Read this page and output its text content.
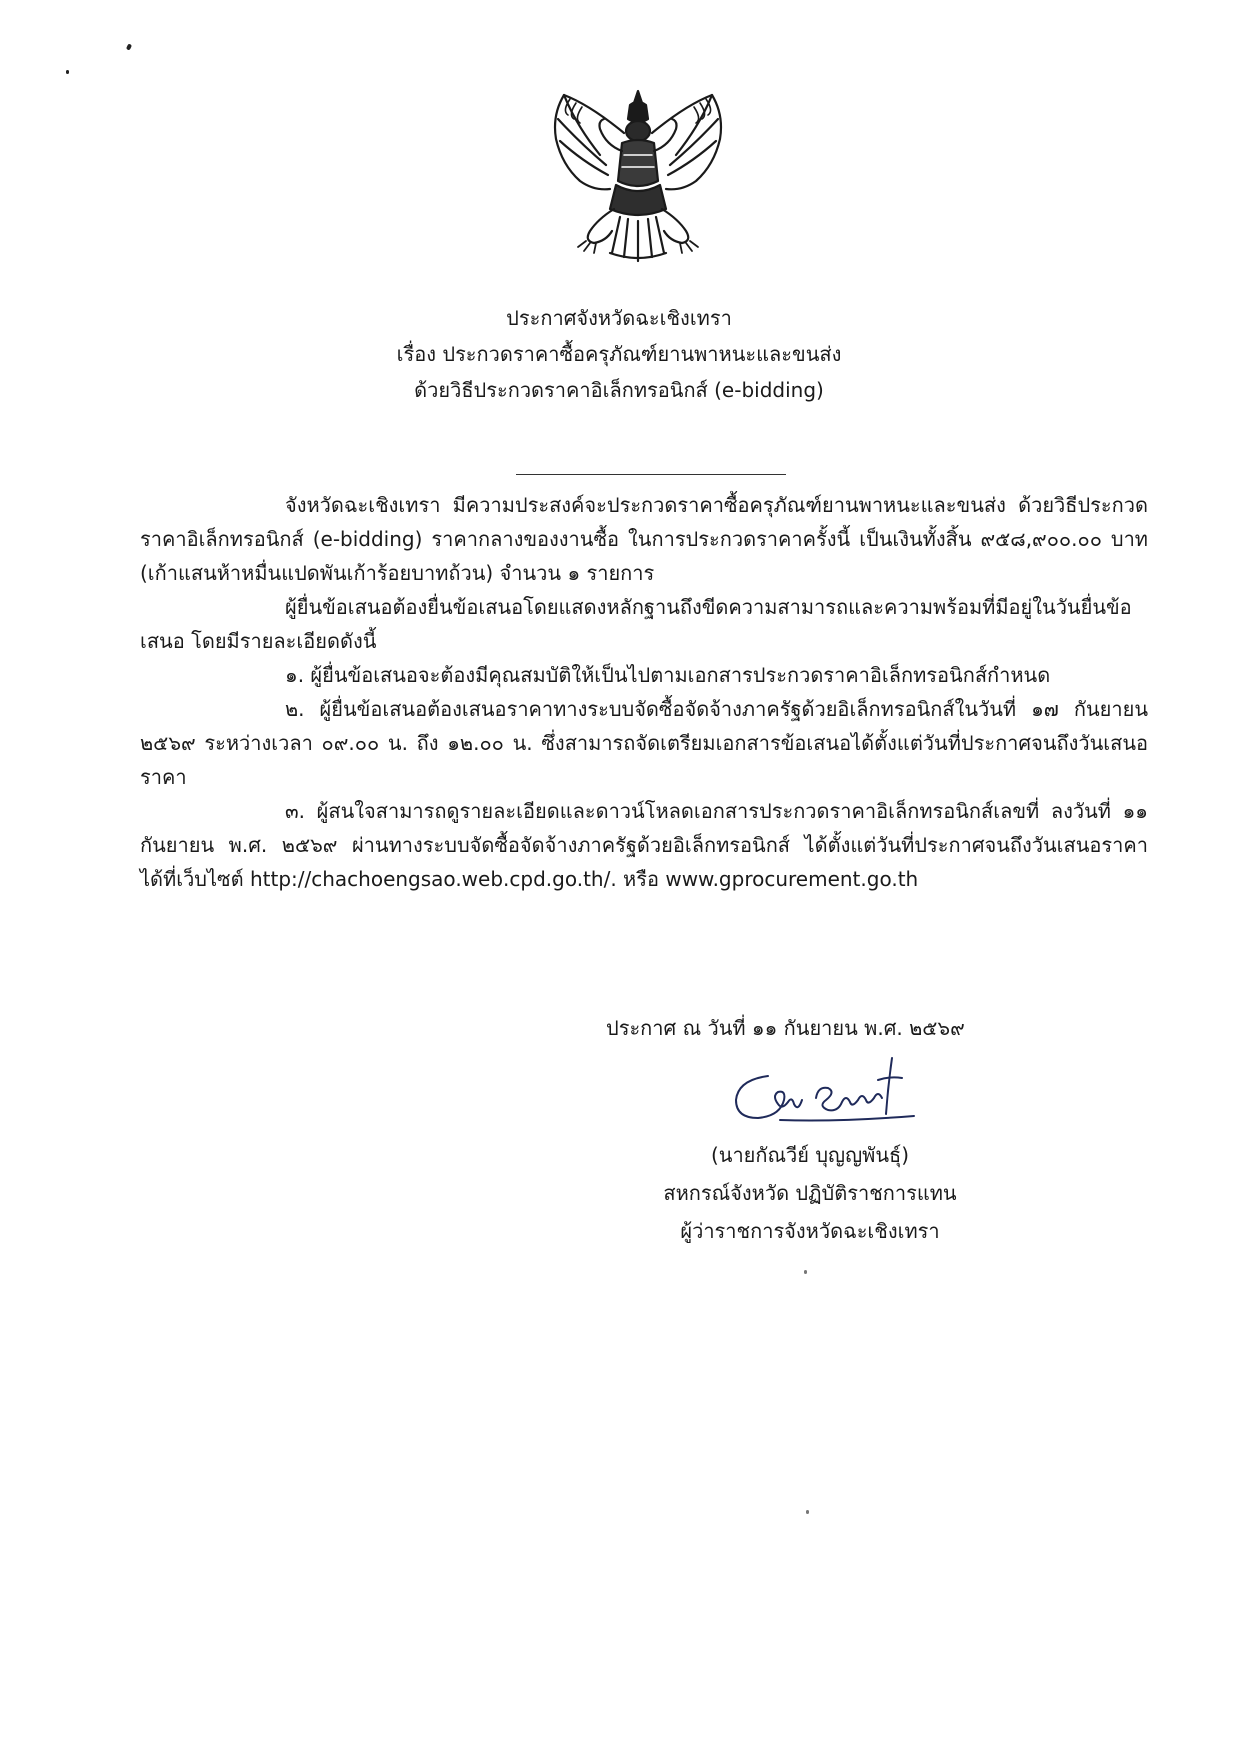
ประกาศจังหวัดฉะเชิงเทรา
เรื่อง ประกวดราคาซื้อครุภัณฑ์ยานพาหนะและขนส่ง
ด้วยวิธีประกวดราคาอิเล็กทรอนิกส์ (e-bidding)

จังหวัดฉะเชิงเทรา มีความประสงค์จะประกวดราคาซื้อครุภัณฑ์ยานพาหนะและขนส่ง ด้วยวิธีประกวดราคาอิเล็กทรอนิกส์ (e-bidding) ราคากลางของงานซื้อ ในการประกวดราคาครั้งนี้ เป็นเงินทั้งสิ้น ๙๕๘,๙๐๐.๐๐ บาท (เก้าแสนห้าหมื่นแปดพันเก้าร้อยบาทถ้วน) จำนวน ๑ รายการ

ผู้ยื่นข้อเสนอต้องยื่นข้อเสนอโดยแสดงหลักฐานถึงขีดความสามารถและความพร้อมที่มีอยู่ในวันยื่นข้อเสนอ โดยมีรายละเอียดดังนี้

๑. ผู้ยื่นข้อเสนอจะต้องมีคุณสมบัติให้เป็นไปตามเอกสารประกวดราคาอิเล็กทรอนิกส์กำหนด

๒. ผู้ยื่นข้อเสนอต้องเสนอราคาทางระบบจัดซื้อจัดจ้างภาครัฐด้วยอิเล็กทรอนิกส์ในวันที่ ๑๗ กันยายน ๒๕๖๙ ระหว่างเวลา ๐๙.๐๐ น. ถึง ๑๒.๐๐ น. ซึ่งสามารถจัดเตรียมเอกสารข้อเสนอได้ตั้งแต่วันที่ประกาศจนถึงวันเสนอราคา

๓. ผู้สนใจสามารถดูรายละเอียดและดาวน์โหลดเอกสารประกวดราคาอิเล็กทรอนิกส์เลขที่ ลงวันที่ ๑๑ กันยายน พ.ศ. ๒๕๖๙ ผ่านทางระบบจัดซื้อจัดจ้างภาครัฐด้วยอิเล็กทรอนิกส์ ได้ตั้งแต่วันที่ประกาศจนถึงวันเสนอราคา ได้ที่เว็บไซต์ http://chachoengsao.web.cpd.go.th/. หรือ www.gprocurement.go.th

ประกาศ ณ วันที่ ๑๑ กันยายน พ.ศ. ๒๕๖๙
(นายกัณวีย์ บุญญพันธุ์)
สหกรณ์จังหวัด ปฏิบัติราชการแทน
ผู้ว่าราชการจังหวัดฉะเชิงเทรา
